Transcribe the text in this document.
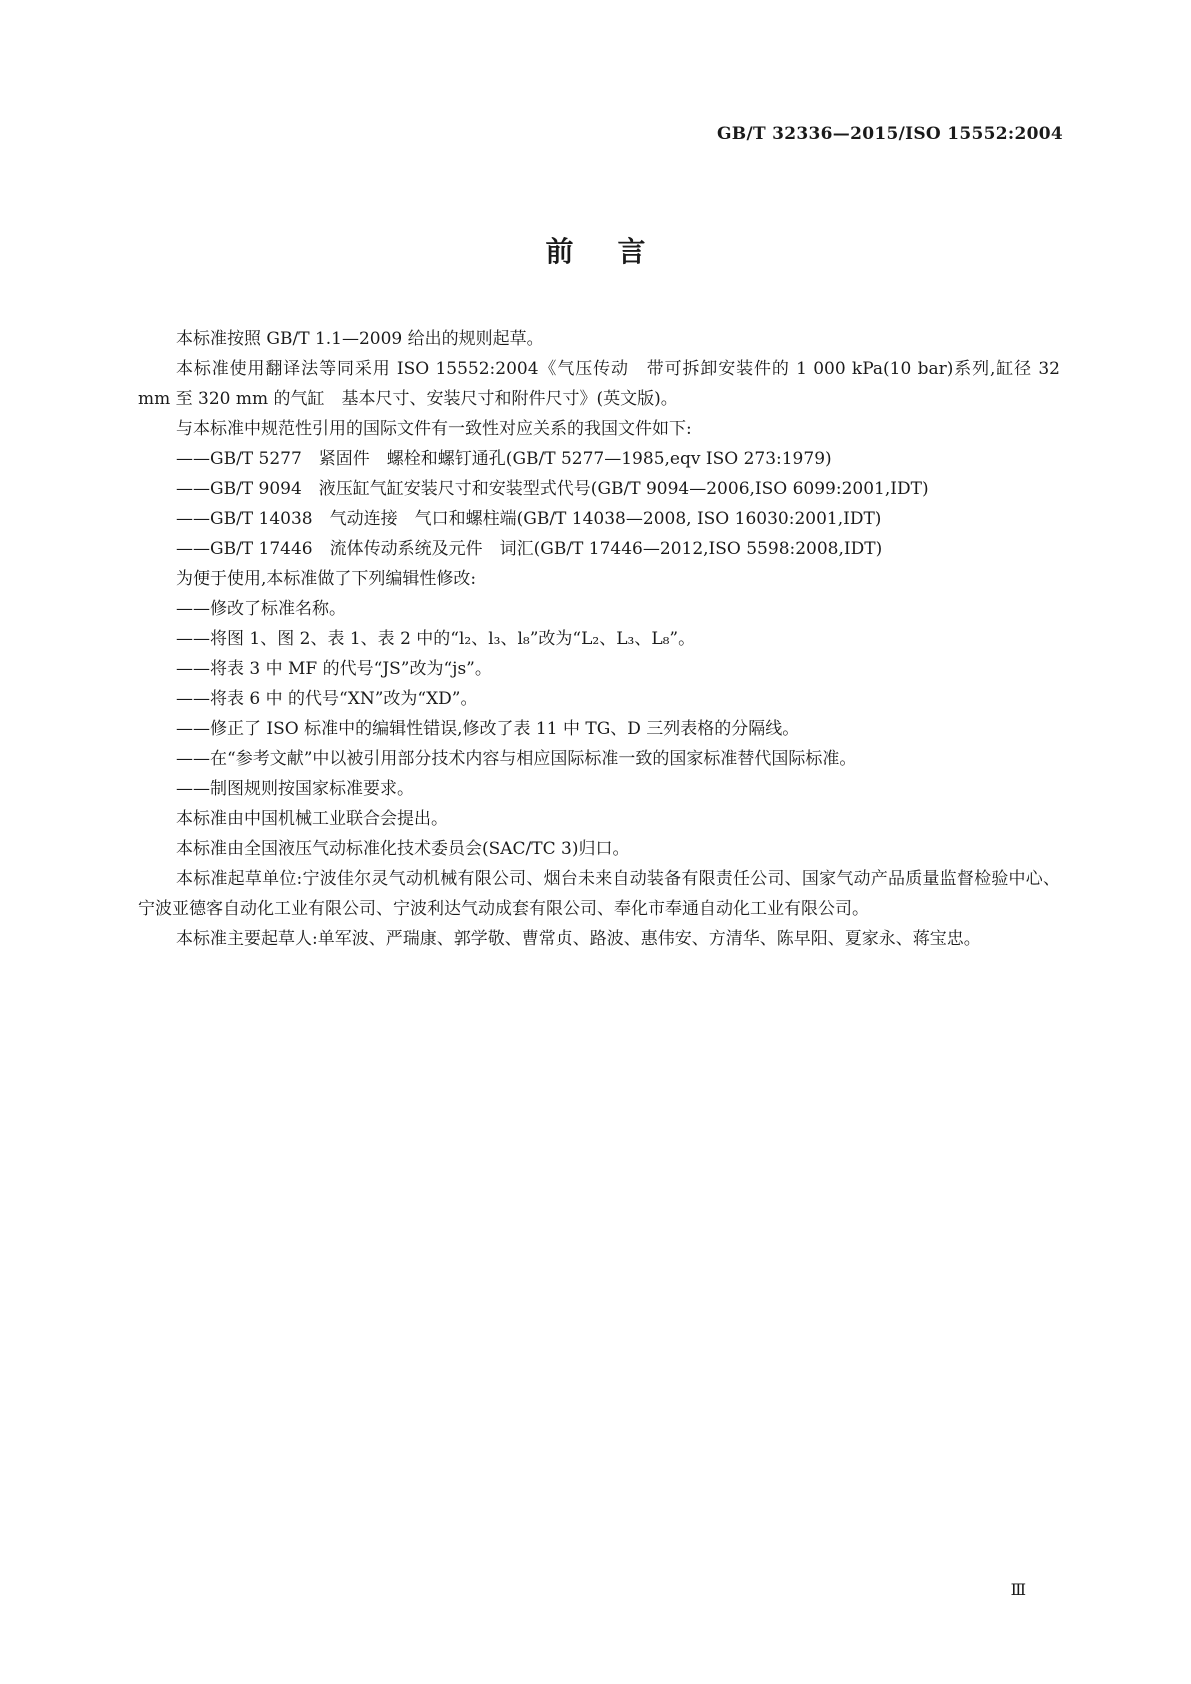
GB/T 32336—2015/ISO 15552:2004
前言

本标准按照 GB/T 1.1—2009 给出的规则起草。

本标准使用翻译法等同采用 ISO 15552:2004《气压传动　带可拆卸安装件的 1 000 kPa(10 bar)系列,缸径 32 mm 至 320 mm 的气缸　基本尺寸、安装尺寸和附件尺寸》(英文版)。

与本标准中规范性引用的国际文件有一致性对应关系的我国文件如下:

——GB/T 5277　紧固件　螺栓和螺钉通孔(GB/T 5277—1985,eqv ISO 273:1979)

——GB/T 9094　液压缸气缸安装尺寸和安装型式代号(GB/T 9094—2006,ISO 6099:2001,IDT)

——GB/T 14038　气动连接　气口和螺柱端(GB/T 14038—2008, ISO 16030:2001,IDT)

——GB/T 17446　流体传动系统及元件　词汇(GB/T 17446—2012,ISO 5598:2008,IDT)

为便于使用,本标准做了下列编辑性修改:

——修改了标准名称。

——将图 1、图 2、表 1、表 2 中的“l₂、l₃、l₈”改为“L₂、L₃、L₈”。

——将表 3 中 MF 的代号“JS”改为“js”。

——将表 6 中 的代号“XN”改为“XD”。

——修正了 ISO 标准中的编辑性错误,修改了表 11 中 TG、D 三列表格的分隔线。

——在“参考文献”中以被引用部分技术内容与相应国际标准一致的国家标准替代国际标准。

——制图规则按国家标准要求。

本标准由中国机械工业联合会提出。

本标准由全国液压气动标准化技术委员会(SAC/TC 3)归口。

本标准起草单位:宁波佳尔灵气动机械有限公司、烟台未来自动装备有限责任公司、国家气动产品质量监督检验中心、宁波亚德客自动化工业有限公司、宁波利达气动成套有限公司、奉化市奉通自动化工业有限公司。

本标准主要起草人:单军波、严瑞康、郭学敬、曹常贞、路波、惠伟安、方清华、陈早阳、夏家永、蒋宝忠。

Ⅲ
